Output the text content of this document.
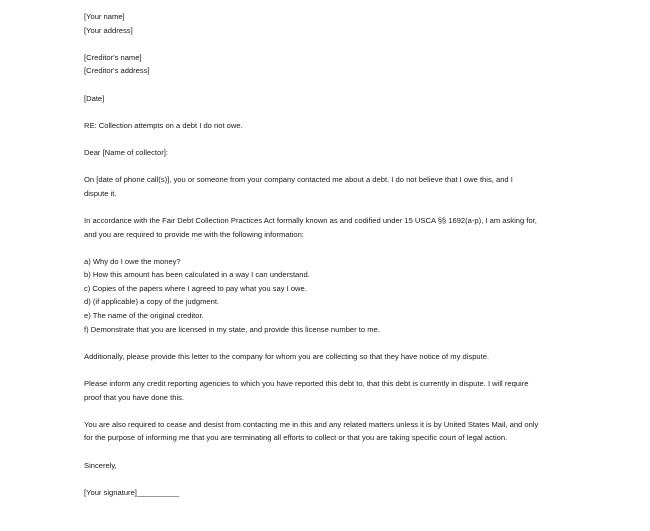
[Your name]
[Your address]
[Creditor's name]
[Creditor's address]
[Date]
RE: Collection attempts on a debt I do not owe.
Dear [Name of collector]:
On [date of phone call(s)], you or someone from your company contacted me about a debt. I do not believe that I owe this, and I
dispute it.
In accordance with the Fair Debt Collection Practices Act formally known as and codified under 15 USCA §§ 1692(a-p), I am asking for,
and you are required to provide me with the following information:
a) Why do I owe the money?
b) How this amount has been calculated in a way I can understand.
c) Copies of the papers where I agreed to pay what you say I owe.
d) (if applicable) a copy of the judgment.
e) The name of the original creditor.
f) Demonstrate that you are licensed in my state, and provide this license number to me.
Additionally, please provide this letter to the company for whom you are collecting so that they have notice of my dispute.
Please inform any credit reporting agencies to which you have reported this debt to, that this debt is currently in dispute. I will require
proof that you have done this.
You are also required to cease and desist from contacting me in this and any related matters unless it is by United States Mail, and only
for the purpose of informing me that you are terminating all efforts to collect or that you are taking specific court of legal action.
Sincerely,
[Your signature]__________
